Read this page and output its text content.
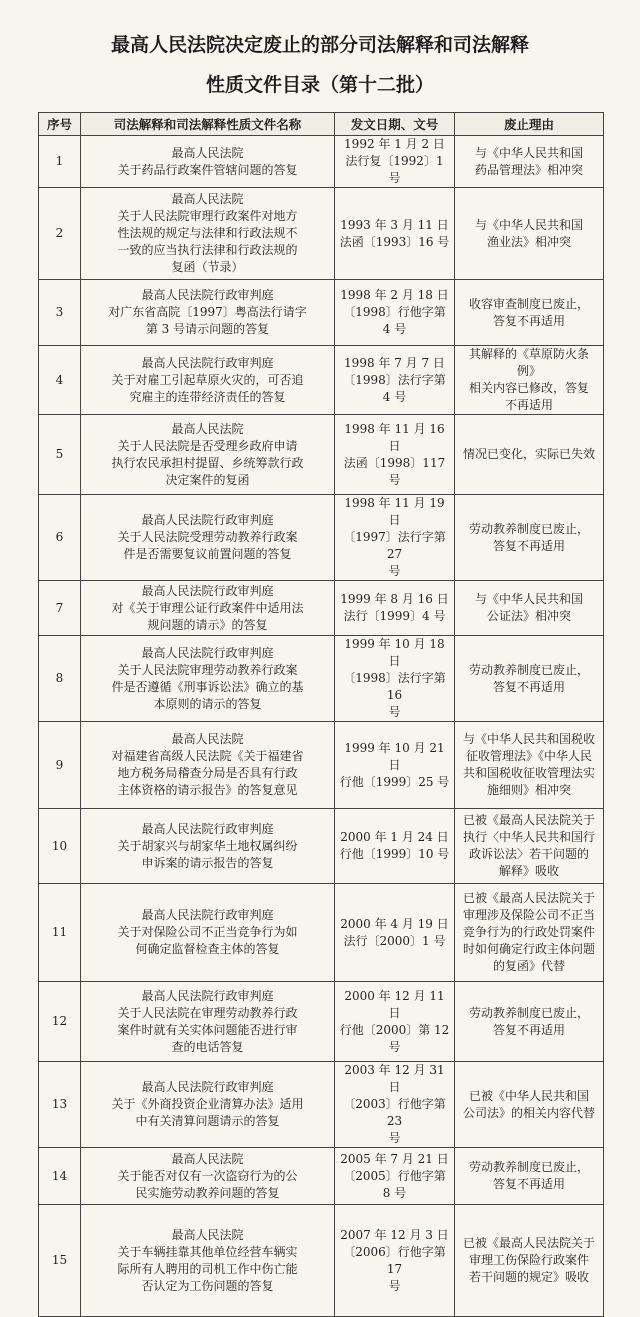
最高人民法院决定废止的部分司法解释和司法解释
性质文件目录（第十二批）
序号	司法解释和司法解释性质文件名称	发文日期、文号	废止理由
1	最高人民法院
关于药品行政案件管辖问题的答复	1992 年 1 月 2 日
法行复〔1992〕1 号	与《中华人民共和国
药品管理法》相冲突
2	最高人民法院
关于人民法院审理行政案件对地方
性法规的规定与法律和行政法规不
一致的应当执行法律和行政法规的
复函（节录）	1993 年 3 月 11 日
法函〔1993〕16 号	与《中华人民共和国
渔业法》相冲突
3	最高人民法院行政审判庭
对广东省高院〔1997〕粤高法行请字
第 3 号请示问题的答复	1998 年 2 月 18 日
〔1998〕行他字第 4 号	收容审查制度已废止，
答复不再适用
4	最高人民法院行政审判庭
关于对雇工引起草原火灾的，可否追
究雇主的连带经济责任的答复	1998 年 7 月 7 日
〔1998〕法行字第 4 号	其解释的《草原防火条例》
相关内容已修改，答复
不再适用
5	最高人民法院
关于人民法院是否受理乡政府申请
执行农民承担村提留、乡统筹款行政
决定案件的复函	1998 年 11 月 16 日
法函〔1998〕117 号	情况已变化，实际已失效
6	最高人民法院行政审判庭
关于人民法院受理劳动教养行政案
件是否需要复议前置问题的答复	1998 年 11 月 19 日
〔1997〕法行字第 27
号	劳动教养制度已废止，
答复不再适用
7	最高人民法院行政审判庭
对《关于审理公证行政案件中适用法
规问题的请示》的答复	1999 年 8 月 16 日
法行〔1999〕4 号	与《中华人民共和国
公证法》相冲突
8	最高人民法院行政审判庭
关于人民法院审理劳动教养行政案
件是否遵循《刑事诉讼法》确立的基
本原则的请示的答复	1999 年 10 月 18 日
〔1998〕法行字第 16
号	劳动教养制度已废止，
答复不再适用
9	最高人民法院
对福建省高级人民法院《关于福建省
地方税务局稽查分局是否具有行政
主体资格的请示报告》的答复意见	1999 年 10 月 21 日
行他〔1999〕25 号	与《中华人民共和国税收
征收管理法》《中华人民
共和国税收征收管理法实
施细则》相冲突
10	最高人民法院行政审判庭
关于胡家兴与胡家华土地权属纠纷
申诉案的请示报告的答复	2000 年 1 月 24 日
行他〔1999〕10 号	已被《最高人民法院关于
执行〈中华人民共和国行
政诉讼法〉若干问题的
解释》吸收
11	最高人民法院行政审判庭
关于对保险公司不正当竞争行为如
何确定监督检查主体的答复	2000 年 4 月 19 日
法行〔2000〕1 号	已被《最高人民法院关于
审理涉及保险公司不正当
竞争行为的行政处罚案件
时如何确定行政主体问题
的复函》代替
12	最高人民法院行政审判庭
关于人民法院在审理劳动教养行政
案件时就有关实体问题能否进行审
查的电话答复	2000 年 12 月 11 日
行他〔2000〕第 12 号	劳动教养制度已废止，
答复不再适用
13	最高人民法院行政审判庭
关于《外商投资企业清算办法》适用
中有关清算问题请示的答复	2003 年 12 月 31 日
〔2003〕行他字第 23
号	已被《中华人民共和国
公司法》的相关内容代替
14	最高人民法院
关于能否对仅有一次盗窃行为的公
民实施劳动教养问题的答复	2005 年 7 月 21 日
〔2005〕行他字第 8 号	劳动教养制度已废止，
答复不再适用
15	最高人民法院
关于车辆挂靠其他单位经营车辆实
际所有人聘用的司机工作中伤亡能
否认定为工伤问题的答复	2007 年 12 月 3 日
〔2006〕行他字第 17
号	已被《最高人民法院关于
审理工伤保险行政案件
若干问题的规定》吸收
